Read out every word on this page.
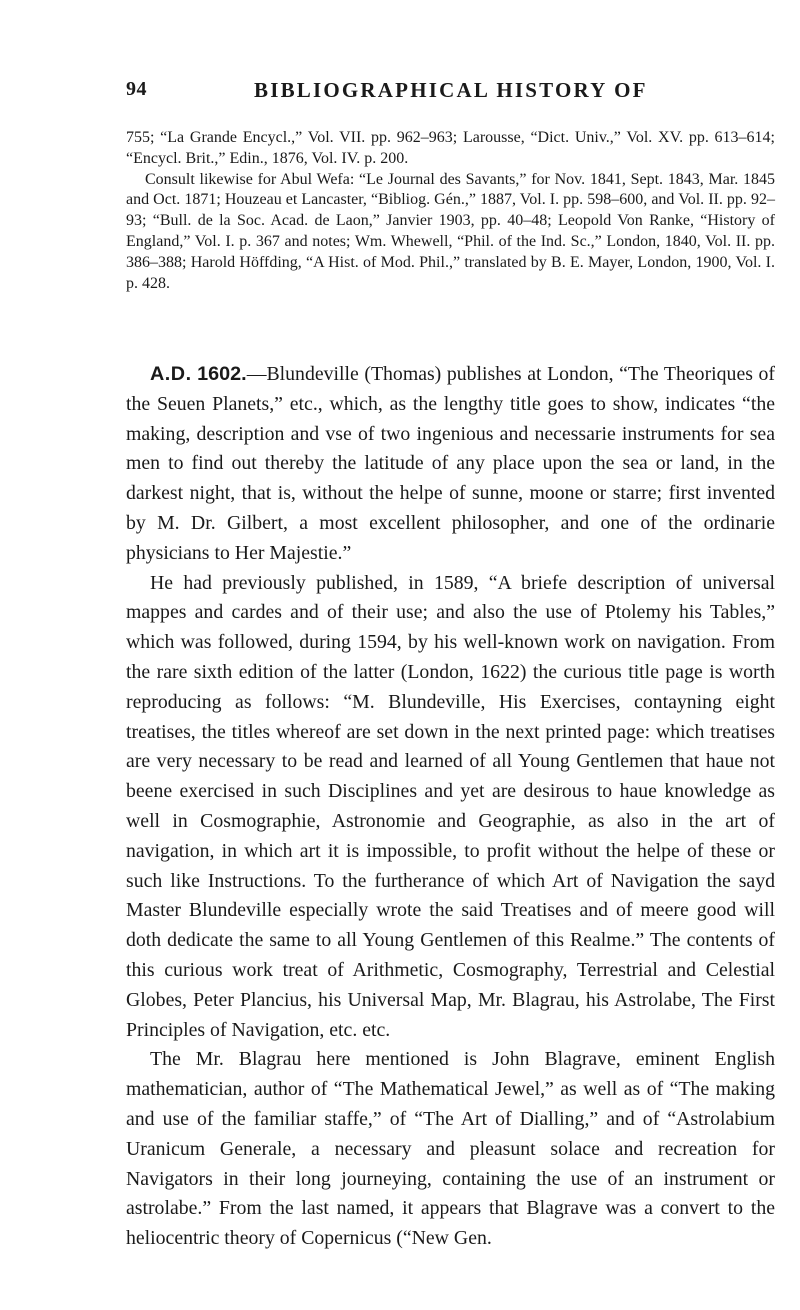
94	BIBLIOGRAPHICAL HISTORY OF

755; “La Grande Encycl.,” Vol. VII. pp. 962–963; Larousse, “Dict. Univ.,” Vol. XV. pp. 613–614; “Encycl. Brit.,” Edin., 1876, Vol. IV. p. 200.

Consult likewise for Abul Wefa: “Le Journal des Savants,” for Nov. 1841, Sept. 1843, Mar. 1845 and Oct. 1871; Houzeau et Lancaster, “Bibliog. Gén.,” 1887, Vol. I. pp. 598–600, and Vol. II. pp. 92–93; “Bull. de la Soc. Acad. de Laon,” Janvier 1903, pp. 40–48; Leopold Von Ranke, “History of England,” Vol. I. p. 367 and notes; Wm. Whewell, “Phil. of the Ind. Sc.,” London, 1840, Vol. II. pp. 386–388; Harold Höffding, “A Hist. of Mod. Phil.,” translated by B. E. Mayer, London, 1900, Vol. I. p. 428.

A.D. 1602.—Blundeville (Thomas) publishes at London, “The Theoriques of the Seuen Planets,” etc., which, as the lengthy title goes to show, indicates “the making, description and vse of two ingenious and necessarie instruments for sea men to find out thereby the latitude of any place upon the sea or land, in the darkest night, that is, without the helpe of sunne, moone or starre; first invented by M. Dr. Gilbert, a most excellent philosopher, and one of the ordinarie physicians to Her Majestie.”

He had previously published, in 1589, “A briefe description of universal mappes and cardes and of their use; and also the use of Ptolemy his Tables,” which was followed, during 1594, by his well-known work on navigation. From the rare sixth edition of the latter (London, 1622) the curious title page is worth reproducing as follows: “M. Blundeville, His Exercises, contayning eight treatises, the titles whereof are set down in the next printed page: which treatises are very necessary to be read and learned of all Young Gentlemen that haue not beene exercised in such Disciplines and yet are desirous to haue knowledge as well in Cosmographie, Astronomie and Geographie, as also in the art of navigation, in which art it is impossible, to profit without the helpe of these or such like Instructions. To the furtherance of which Art of Navigation the sayd Master Blundeville especially wrote the said Treatises and of meere good will doth dedicate the same to all Young Gentlemen of this Realme.” The contents of this curious work treat of Arithmetic, Cosmography, Terrestrial and Celestial Globes, Peter Plancius, his Universal Map, Mr. Blagrau, his Astrolabe, The First Principles of Navigation, etc. etc.

The Mr. Blagrau here mentioned is John Blagrave, eminent English mathematician, author of “The Mathematical Jewel,” as well as of “The making and use of the familiar staffe,” of “The Art of Dialling,” and of “Astrolabium Uranicum Generale, a necessary and pleasunt solace and recreation for Navigators in their long journeying, containing the use of an instrument or astrolabe.” From the last named, it appears that Blagrave was a convert to the heliocentric theory of Copernicus (“New Gen.
